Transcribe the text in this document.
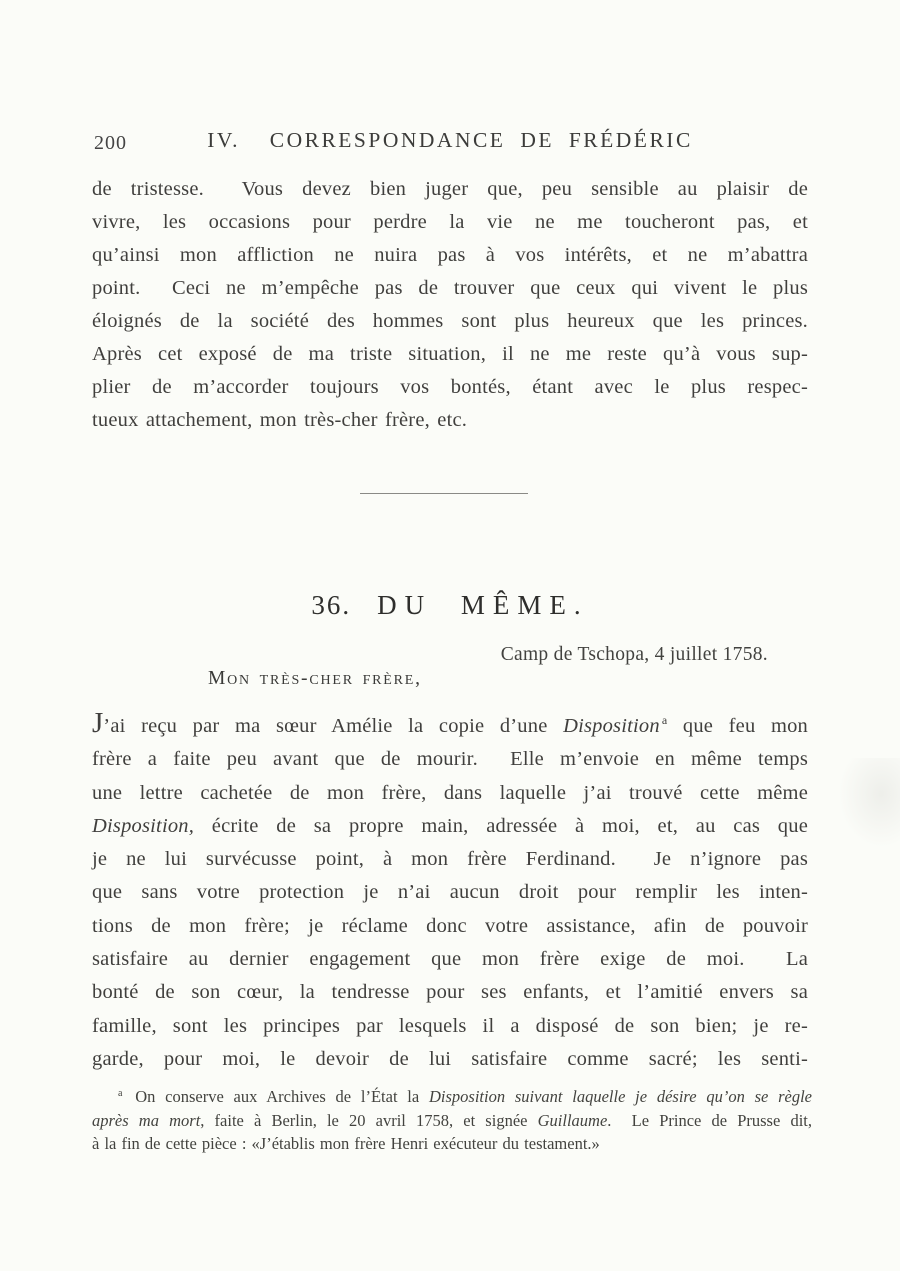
200	IV.  CORRESPONDANCE DE FRÉDÉRIC
de tristesse.  Vous devez bien juger que, peu sensible au plaisir de
vivre, les occasions pour perdre la vie ne me toucheront pas, et
qu’ainsi mon affliction ne nuira pas à vos intérêts, et ne m’abattra
point.  Ceci ne m’empêche pas de trouver que ceux qui vivent le plus
éloignés de la société des hommes sont plus heureux que les princes.
Après cet exposé de ma triste situation, il ne me reste qu’à vous sup-
plier de m’accorder toujours vos bontés, étant avec le plus respec-
tueux attachement, mon très-cher frère, etc.
36. DU MÊME.
Camp de Tschopa, 4 juillet 1758.
Mon très-cher frère,
J’ai reçu par ma sœur Amélie la copie d’une Disposition $^a$ que feu mon
frère a faite peu avant que de mourir.  Elle m’envoie en même temps
une lettre cachetée de mon frère, dans laquelle j’ai trouvé cette même
Disposition, écrite de sa propre main, adressée à moi, et, au cas que
je ne lui survécusse point, à mon frère Ferdinand.  Je n’ignore pas
que sans votre protection je n’ai aucun droit pour remplir les inten-
tions de mon frère; je réclame donc votre assistance, afin de pouvoir
satisfaire au dernier engagement que mon frère exige de moi.  La
bonté de son cœur, la tendresse pour ses enfants, et l’amitié envers sa
famille, sont les principes par lesquels il a disposé de son bien; je re-
garde, pour moi, le devoir de lui satisfaire comme sacré; les senti-
$^a$ On conserve aux Archives de l’État la Disposition suivant laquelle je désire qu’on se règle
après ma mort, faite à Berlin, le 20 avril 1758, et signée Guillaume.  Le Prince de Prusse dit,
à la fin de cette pièce : «J’établis mon frère Henri exécuteur du testament.»
